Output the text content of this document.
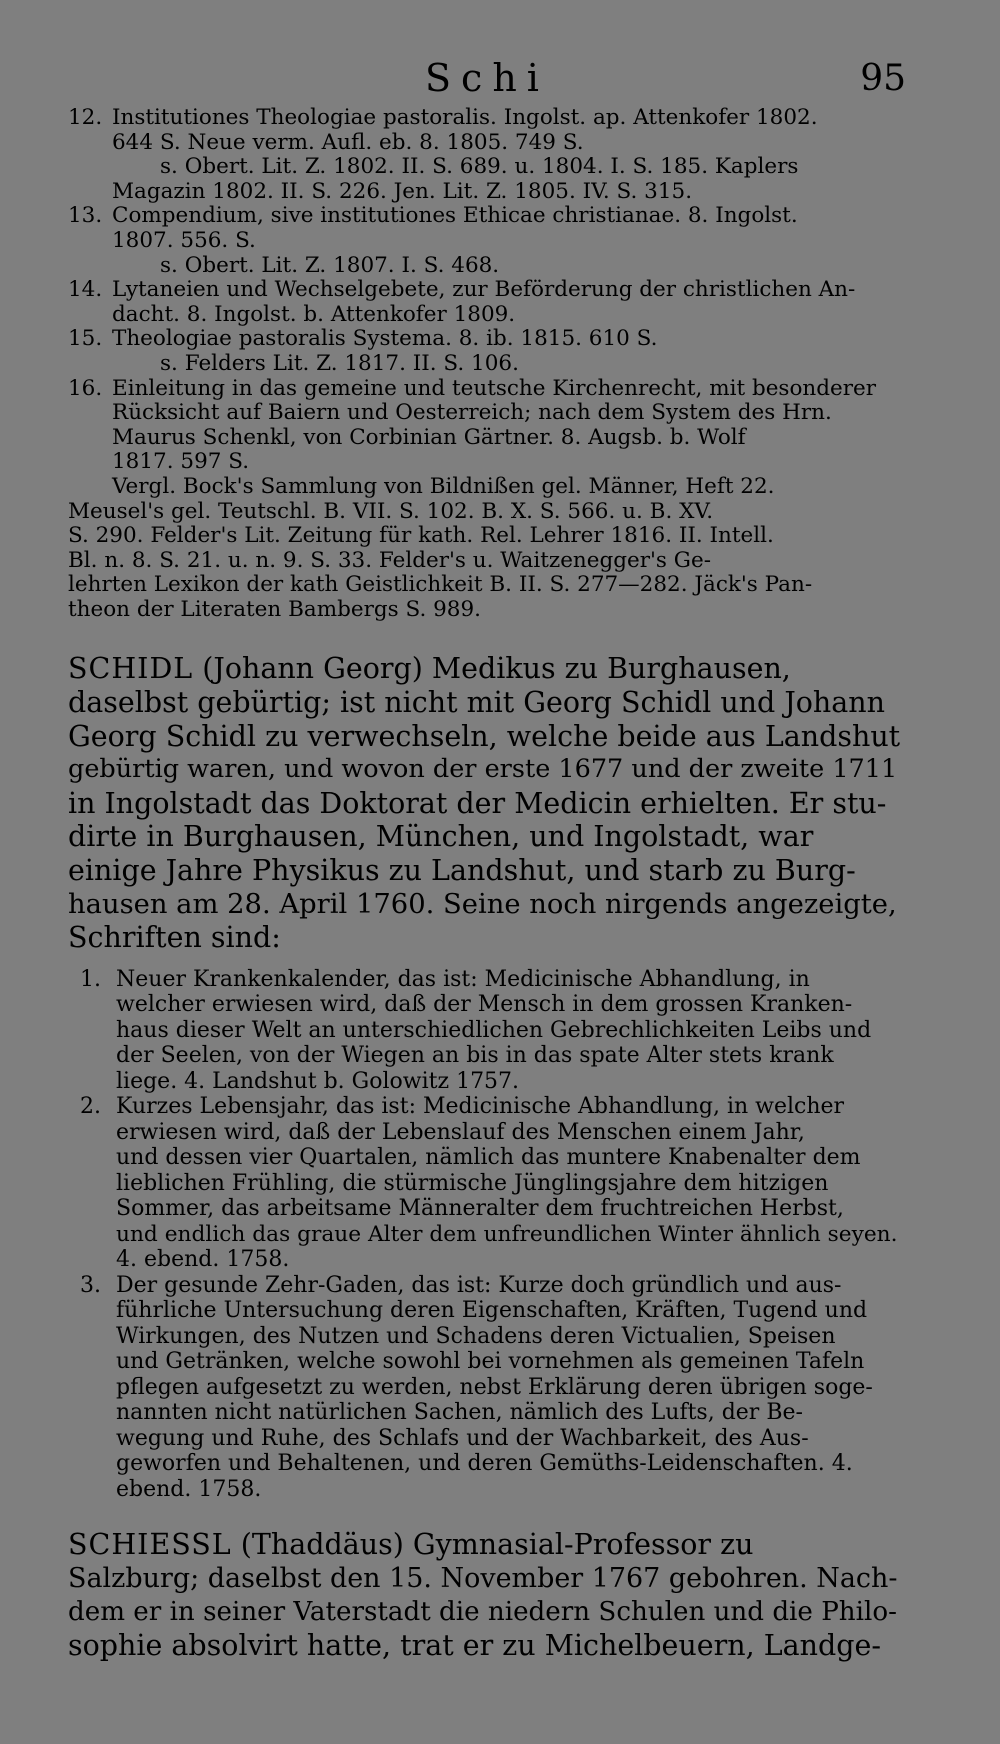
Schi	95
12. Institutiones Theologiae pastoralis. Ingolst. ap. Attenkofer 1802.
644 S. Neue verm. Aufl. eb. 8. 1805. 749 S.
s. Obert. Lit. Z. 1802. II. S. 689. u. 1804. I. S. 185. Kaplers
Magazin 1802. II. S. 226. Jen. Lit. Z. 1805. IV. S. 315.
13. Compendium, sive institutiones Ethicae christianae. 8. Ingolst.
1807. 556. S.
s. Obert. Lit. Z. 1807. I. S. 468.
14. Lytaneien und Wechselgebete, zur Beförderung der christlichen An-
dacht. 8. Ingolst. b. Attenkofer 1809.
15. Theologiae pastoralis Systema. 8. ib. 1815. 610 S.
s. Felders Lit. Z. 1817. II. S. 106.
16. Einleitung in das gemeine und teutsche Kirchenrecht, mit besonderer
Rücksicht auf Baiern und Oesterreich; nach dem System des Hrn.
Maurus Schenkl, von Corbinian Gärtner. 8. Augsb. b. Wolf
1817. 597 S.
Vergl. Bock's Sammlung von Bildnißen gel. Männer, Heft 22.
Meusel's gel. Teutschl. B. VII. S. 102. B. X. S. 566. u. B. XV.
S. 290. Felder's Lit. Zeitung für kath. Rel. Lehrer 1816. II. Intell.
Bl. n. 8. S. 21. u. n. 9. S. 33. Felder's u. Waitzenegger's Ge-
lehrten Lexikon der kath Geistlichkeit B. II. S. 277—282. Jäck's Pan-
theon der Literaten Bambergs S. 989.
SCHIDL (Johann Georg) Medikus zu Burghausen,
daselbst gebürtig; ist nicht mit Georg Schidl und Johann
Georg Schidl zu verwechseln, welche beide aus Landshut
gebürtig waren, und wovon der erste 1677 und der zweite 1711
in Ingolstadt das Doktorat der Medicin erhielten. Er stu-
dirte in Burghausen, München, und Ingolstadt, war
einige Jahre Physikus zu Landshut, und starb zu Burg-
hausen am 28. April 1760. Seine noch nirgends angezeigte,
Schriften sind:
1. Neuer Krankenkalender, das ist: Medicinische Abhandlung, in
welcher erwiesen wird, daß der Mensch in dem grossen Kranken-
haus dieser Welt an unterschiedlichen Gebrechlichkeiten Leibs und
der Seelen, von der Wiegen an bis in das spate Alter stets krank
liege. 4. Landshut b. Golowitz 1757.
2. Kurzes Lebensjahr, das ist: Medicinische Abhandlung, in welcher
erwiesen wird, daß der Lebenslauf des Menschen einem Jahr,
und dessen vier Quartalen, nämlich das muntere Knabenalter dem
lieblichen Frühling, die stürmische Jünglingsjahre dem hitzigen
Sommer, das arbeitsame Männeralter dem fruchtreichen Herbst,
und endlich das graue Alter dem unfreundlichen Winter ähnlich seyen.
4. ebend. 1758.
3. Der gesunde Zehr-Gaden, das ist: Kurze doch gründlich und aus-
führliche Untersuchung deren Eigenschaften, Kräften, Tugend und
Wirkungen, des Nutzen und Schadens deren Victualien, Speisen
und Getränken, welche sowohl bei vornehmen als gemeinen Tafeln
pflegen aufgesetzt zu werden, nebst Erklärung deren übrigen soge-
nannten nicht natürlichen Sachen, nämlich des Lufts, der Be-
wegung und Ruhe, des Schlafs und der Wachbarkeit, des Aus-
geworfen und Behaltenen, und deren Gemüths-Leidenschaften. 4.
ebend. 1758.
SCHIESSL (Thaddäus) Gymnasial-Professor zu
Salzburg; daselbst den 15. November 1767 gebohren. Nach-
dem er in seiner Vaterstadt die niedern Schulen und die Philo-
sophie absolvirt hatte, trat er zu Michelbeuern, Landge-
